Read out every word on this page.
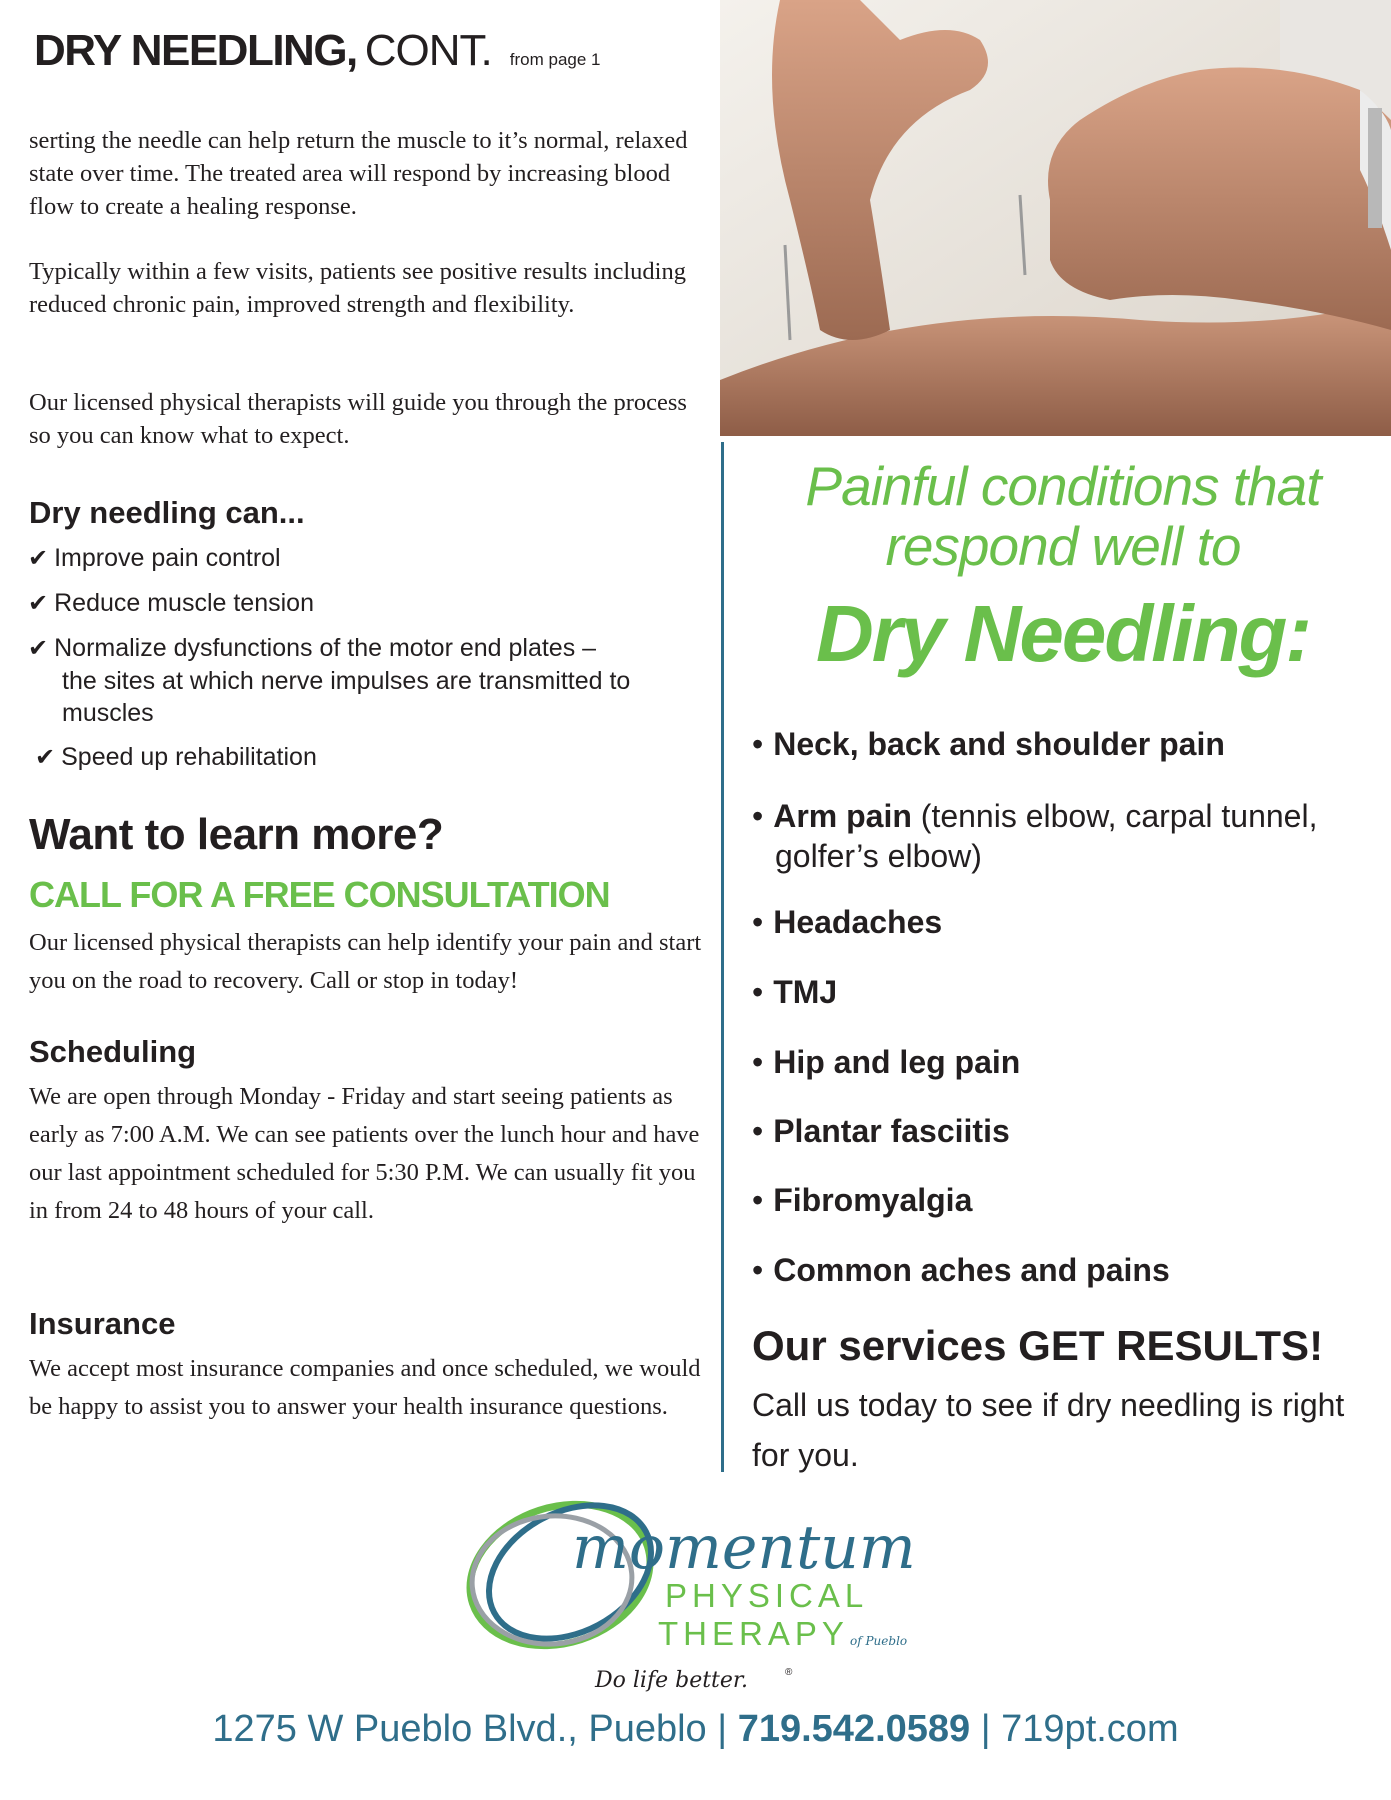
DRY NEEDLING, CONT. from page 1
serting the needle can help return the muscle to it’s normal, relaxed state over time. The treated area will respond by increasing blood flow to create a healing response.
Typically within a few visits, patients see positive results including reduced chronic pain, improved strength and flexibility.
Our licensed physical therapists will guide you through the process so you can know what to expect.
Dry needling can...
✔ Improve pain control
✔ Reduce muscle tension
✔ Normalize dysfunctions of the motor end plates –
the sites at which nerve impulses are transmitted to muscles
✔ Speed up rehabilitation
Want to learn more?
CALL FOR A FREE CONSULTATION
Our licensed physical therapists can help identify your pain and start you on the road to recovery. Call or stop in today!
Scheduling
We are open through Monday - Friday and start seeing patients as early as 7:00 A.M. We can see patients over the lunch hour and have our last appointment scheduled for 5:30 P.M. We can usually fit you in from 24 to 48 hours of your call.
Insurance
We accept most insurance companies and once scheduled, we would be happy to assist you to answer your health insurance questions.
Painful conditions that respond well to
Dry Needling:
• Neck, back and shoulder pain
• Arm pain (tennis elbow, carpal tunnel,
golfer’s elbow)
• Headaches
• TMJ
• Hip and leg pain
• Plantar fasciitis
• Fibromyalgia
• Common aches and pains
Our services GET RESULTS!
Call us today to see if dry needling is right for you.
momentum
PHYSICAL
THERAPY of Pueblo
Do life better.	®
1275 W Pueblo Blvd., Pueblo | 719.542.0589 | 719pt.com
